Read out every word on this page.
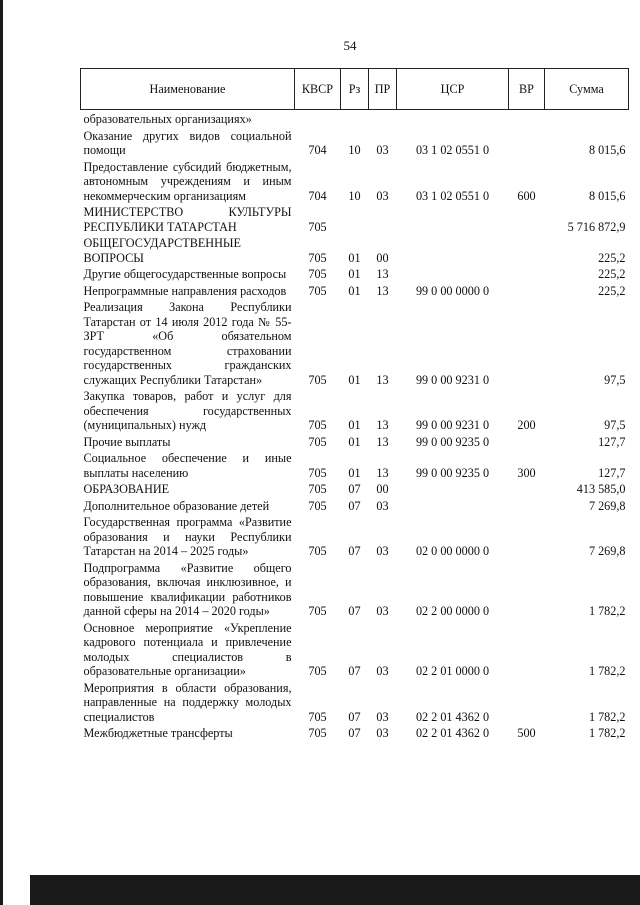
54
Наименование	КВСР	Рз	ПР	ЦСР	ВР	Сумма
образовательных организациях»						
Оказание других видов социальной помощи	704	10	03	03 1 02 0551 0		8 015,6
Предоставление субсидий бюджетным, автономным учреждениям и иным некоммерческим организациям	704	10	03	03 1 02 0551 0	600	8 015,6
МИНИСТЕРСТВО КУЛЬТУРЫ РЕСПУБЛИКИ ТАТАРСТАН	705					5 716 872,9
ОБЩЕГОСУДАРСТВЕННЫЕ ВОПРОСЫ	705	01	00			225,2
Другие общегосударственные вопросы	705	01	13			225,2
Непрограммные направления расходов	705	01	13	99 0 00 0000 0		225,2
Реализация Закона Республики Татарстан от 14 июля 2012 года № 55-ЗРТ «Об обязательном государственном страховании государственных гражданских служащих Республики Татарстан»	705	01	13	99 0 00 9231 0		97,5
Закупка товаров, работ и услуг для обеспечения государственных (муниципальных) нужд	705	01	13	99 0 00 9231 0	200	97,5
Прочие выплаты	705	01	13	99 0 00 9235 0		127,7
Социальное обеспечение и иные выплаты населению	705	01	13	99 0 00 9235 0	300	127,7
ОБРАЗОВАНИЕ	705	07	00			413 585,0
Дополнительное образование детей	705	07	03			7 269,8
Государственная программа «Развитие образования и науки Республики Татарстан на 2014 – 2025 годы»	705	07	03	02 0 00 0000 0		7 269,8
Подпрограмма «Развитие общего образования, включая инклюзивное, и повышение квалификации работников данной сферы на 2014 – 2020 годы»	705	07	03	02 2 00 0000 0		1 782,2
Основное мероприятие «Укрепление кадрового потенциала и привлечение молодых специалистов в образовательные организации»	705	07	03	02 2 01 0000 0		1 782,2
Мероприятия в области образования, направленные на поддержку молодых специалистов	705	07	03	02 2 01 4362 0		1 782,2
Межбюджетные трансферты	705	07	03	02 2 01 4362 0	500	1 782,2
